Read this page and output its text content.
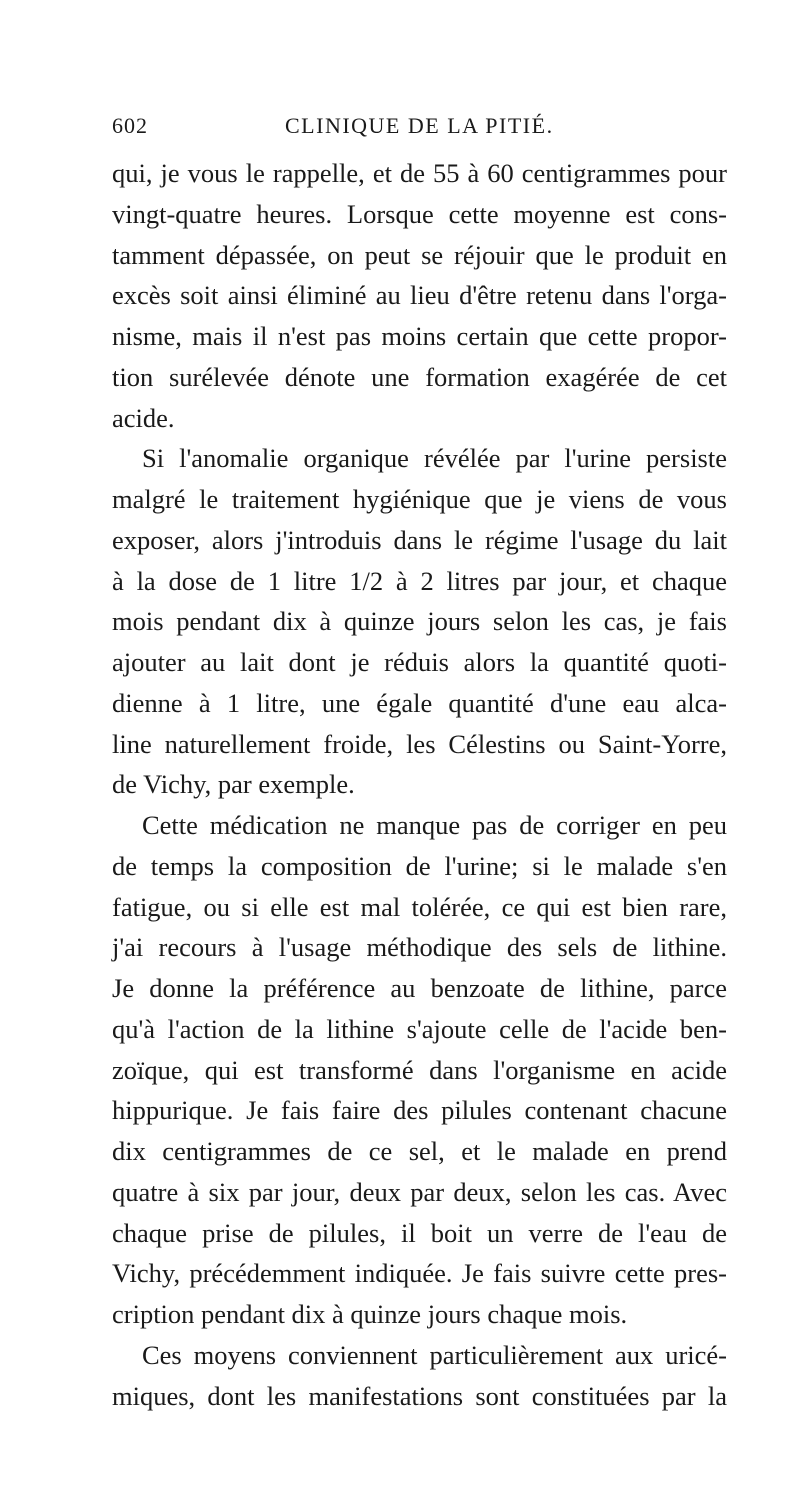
602	CLINIQUE DE LA PITIÉ.
qui, je vous le rappelle, et de 55 à 60 centigrammes pour
vingt-quatre heures. Lorsque cette moyenne est cons-
tamment dépassée, on peut se réjouir que le produit en
excès soit ainsi éliminé au lieu d'être retenu dans l'orga-
nisme, mais il n'est pas moins certain que cette propor-
tion surélevée dénote une formation exagérée de cet
acide.
Si l'anomalie organique révélée par l'urine persiste
malgré le traitement hygiénique que je viens de vous
exposer, alors j'introduis dans le régime l'usage du lait
à la dose de 1 litre 1/2 à 2 litres par jour, et chaque
mois pendant dix à quinze jours selon les cas, je fais
ajouter au lait dont je réduis alors la quantité quoti-
dienne à 1 litre, une égale quantité d'une eau alca-
line naturellement froide, les Célestins ou Saint-Yorre,
de Vichy, par exemple.
Cette médication ne manque pas de corriger en peu
de temps la composition de l'urine; si le malade s'en
fatigue, ou si elle est mal tolérée, ce qui est bien rare,
j'ai recours à l'usage méthodique des sels de lithine.
Je donne la préférence au benzoate de lithine, parce
qu'à l'action de la lithine s'ajoute celle de l'acide ben-
zoïque, qui est transformé dans l'organisme en acide
hippurique. Je fais faire des pilules contenant chacune
dix centigrammes de ce sel, et le malade en prend
quatre à six par jour, deux par deux, selon les cas. Avec
chaque prise de pilules, il boit un verre de l'eau de
Vichy, précédemment indiquée. Je fais suivre cette pres-
cription pendant dix à quinze jours chaque mois.
Ces moyens conviennent particulièrement aux uricé-
miques, dont les manifestations sont constituées par la
